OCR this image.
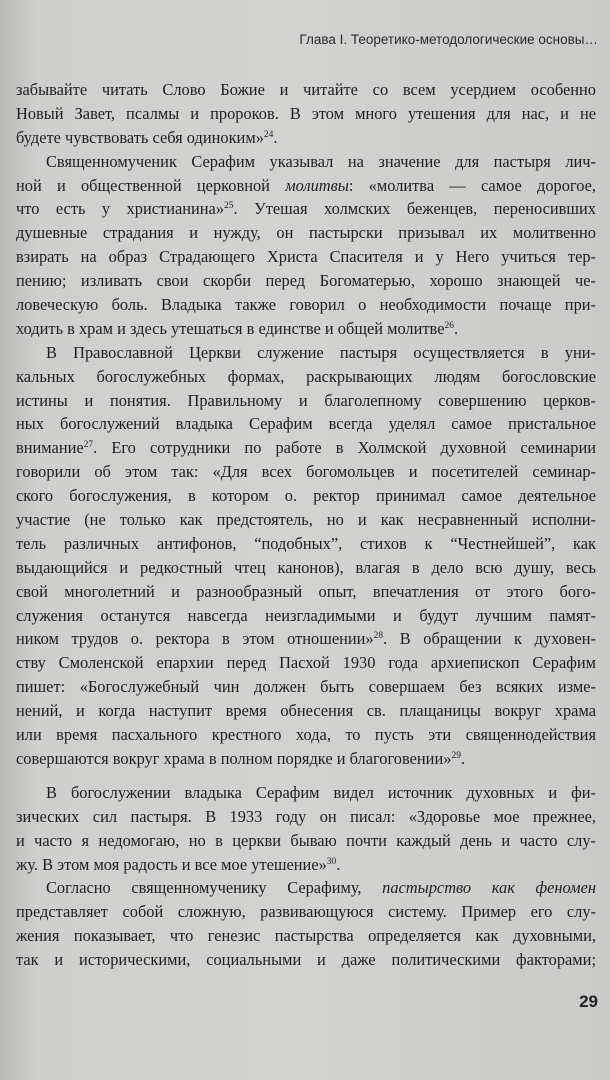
Глава I. Теоретико-методологические основы…
забывайте читать Слово Божие и читайте со всем усердием особенно
Новый Завет, псалмы и пророков. В этом много утешения для нас, и не
будете чувствовать себя одиноким»$^{24}$.
Священномученик Серафим указывал на значение для пастыря лич-
ной и общественной церковной молитвы: «молитва — самое дорогое,
что есть у христианина»$^{25}$. Утешая холмских беженцев, переносивших
душевные страдания и нужду, он пастырски призывал их молитвенно
взирать на образ Страдающего Христа Спасителя и у Него учиться тер-
пению; изливать свои скорби перед Богоматерью, хорошо знающей че-
ловеческую боль. Владыка также говорил о необходимости почаще при-
ходить в храм и здесь утешаться в единстве и общей молитве$^{26}$.
В Православной Церкви служение пастыря осуществляется в уни-
кальных богослужебных формах, раскрывающих людям богословские
истины и понятия. Правильному и благолепному совершению церков-
ных богослужений владыка Серафим всегда уделял самое пристальное
внимание$^{27}$. Его сотрудники по работе в Холмской духовной семинарии
говорили об этом так: «Для всех богомольцев и посетителей семинар-
ского богослужения, в котором о. ректор принимал самое деятельное
участие (не только как предстоятель, но и как несравненный исполни-
тель различных антифонов, “подобных”, стихов к “Честнейшей”, как
выдающийся и редкостный чтец канонов), влагая в дело всю душу, весь
свой многолетний и разнообразный опыт, впечатления от этого бого-
служения останутся навсегда неизгладимыми и будут лучшим памят-
ником трудов о. ректора в этом отношении»$^{28}$. В обращении к духовен-
ству Смоленской епархии перед Пасхой 1930 года архиепископ Серафим
пишет: «Богослужебный чин должен быть совершаем без всяких изме-
нений, и когда наступит время обнесения св. плащаницы вокруг храма
или время пасхального крестного хода, то пусть эти священнодействия
совершаются вокруг храма в полном порядке и благоговении»$^{29}$.
В богослужении владыка Серафим видел источник духовных и фи-
зических сил пастыря. В 1933 году он писал: «Здоровье мое прежнее,
и часто я недомогаю, но в церкви бываю почти каждый день и часто слу-
жу. В этом моя радость и все мое утешение»$^{30}$.
Согласно священномученику Серафиму, пастырство как феномен
представляет собой сложную, развивающуюся систему. Пример его слу-
жения показывает, что генезис пастырства определяется как духовными,
так и историческими, социальными и даже политическими факторами;
29
